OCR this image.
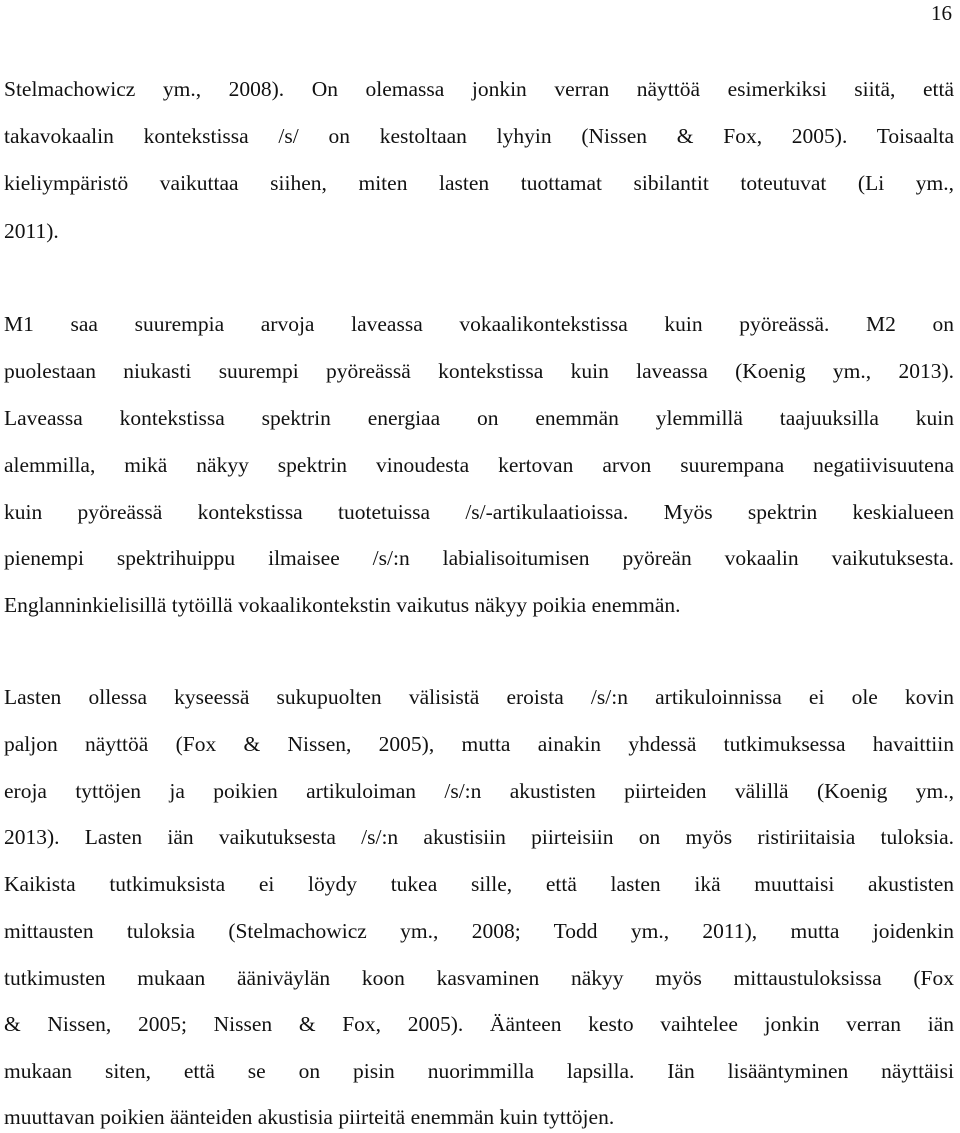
16
Stelmachowicz ym., 2008). On olemassa jonkin verran näyttöä esimerkiksi siitä, että
takavokaalin kontekstissa /s/ on kestoltaan lyhyin (Nissen & Fox, 2005). Toisaalta
kieliympäristö vaikuttaa siihen, miten lasten tuottamat sibilantit toteutuvat (Li ym.,
2011).
M1 saa suurempia arvoja laveassa vokaalikontekstissa kuin pyöreässä. M2 on
puolestaan niukasti suurempi pyöreässä kontekstissa kuin laveassa (Koenig ym., 2013).
Laveassa kontekstissa spektrin energiaa on enemmän ylemmillä taajuuksilla kuin
alemmilla, mikä näkyy spektrin vinoudesta kertovan arvon suurempana negatiivisuutena
kuin pyöreässä kontekstissa tuotetuissa /s/-artikulaatioissa. Myös spektrin keskialueen
pienempi spektrihuippu ilmaisee /s/:n labialisoitumisen pyöreän vokaalin vaikutuksesta.
Englanninkielisillä tytöillä vokaalikontekstin vaikutus näkyy poikia enemmän.
Lasten ollessa kyseessä sukupuolten välisistä eroista /s/:n artikuloinnissa ei ole kovin
paljon näyttöä (Fox & Nissen, 2005), mutta ainakin yhdessä tutkimuksessa havaittiin
eroja tyttöjen ja poikien artikuloiman /s/:n akustisten piirteiden välillä (Koenig ym.,
2013). Lasten iän vaikutuksesta /s/:n akustisiin piirteisiin on myös ristiriitaisia tuloksia.
Kaikista tutkimuksista ei löydy tukea sille, että lasten ikä muuttaisi akustisten
mittausten tuloksia (Stelmachowicz ym., 2008; Todd ym., 2011), mutta joidenkin
tutkimusten mukaan ääniväylän koon kasvaminen näkyy myös mittaustuloksissa (Fox
& Nissen, 2005; Nissen & Fox, 2005). Äänteen kesto vaihtelee jonkin verran iän
mukaan siten, että se on pisin nuorimmilla lapsilla. Iän lisääntyminen näyttäisi
muuttavan poikien äänteiden akustisia piirteitä enemmän kuin tyttöjen.
